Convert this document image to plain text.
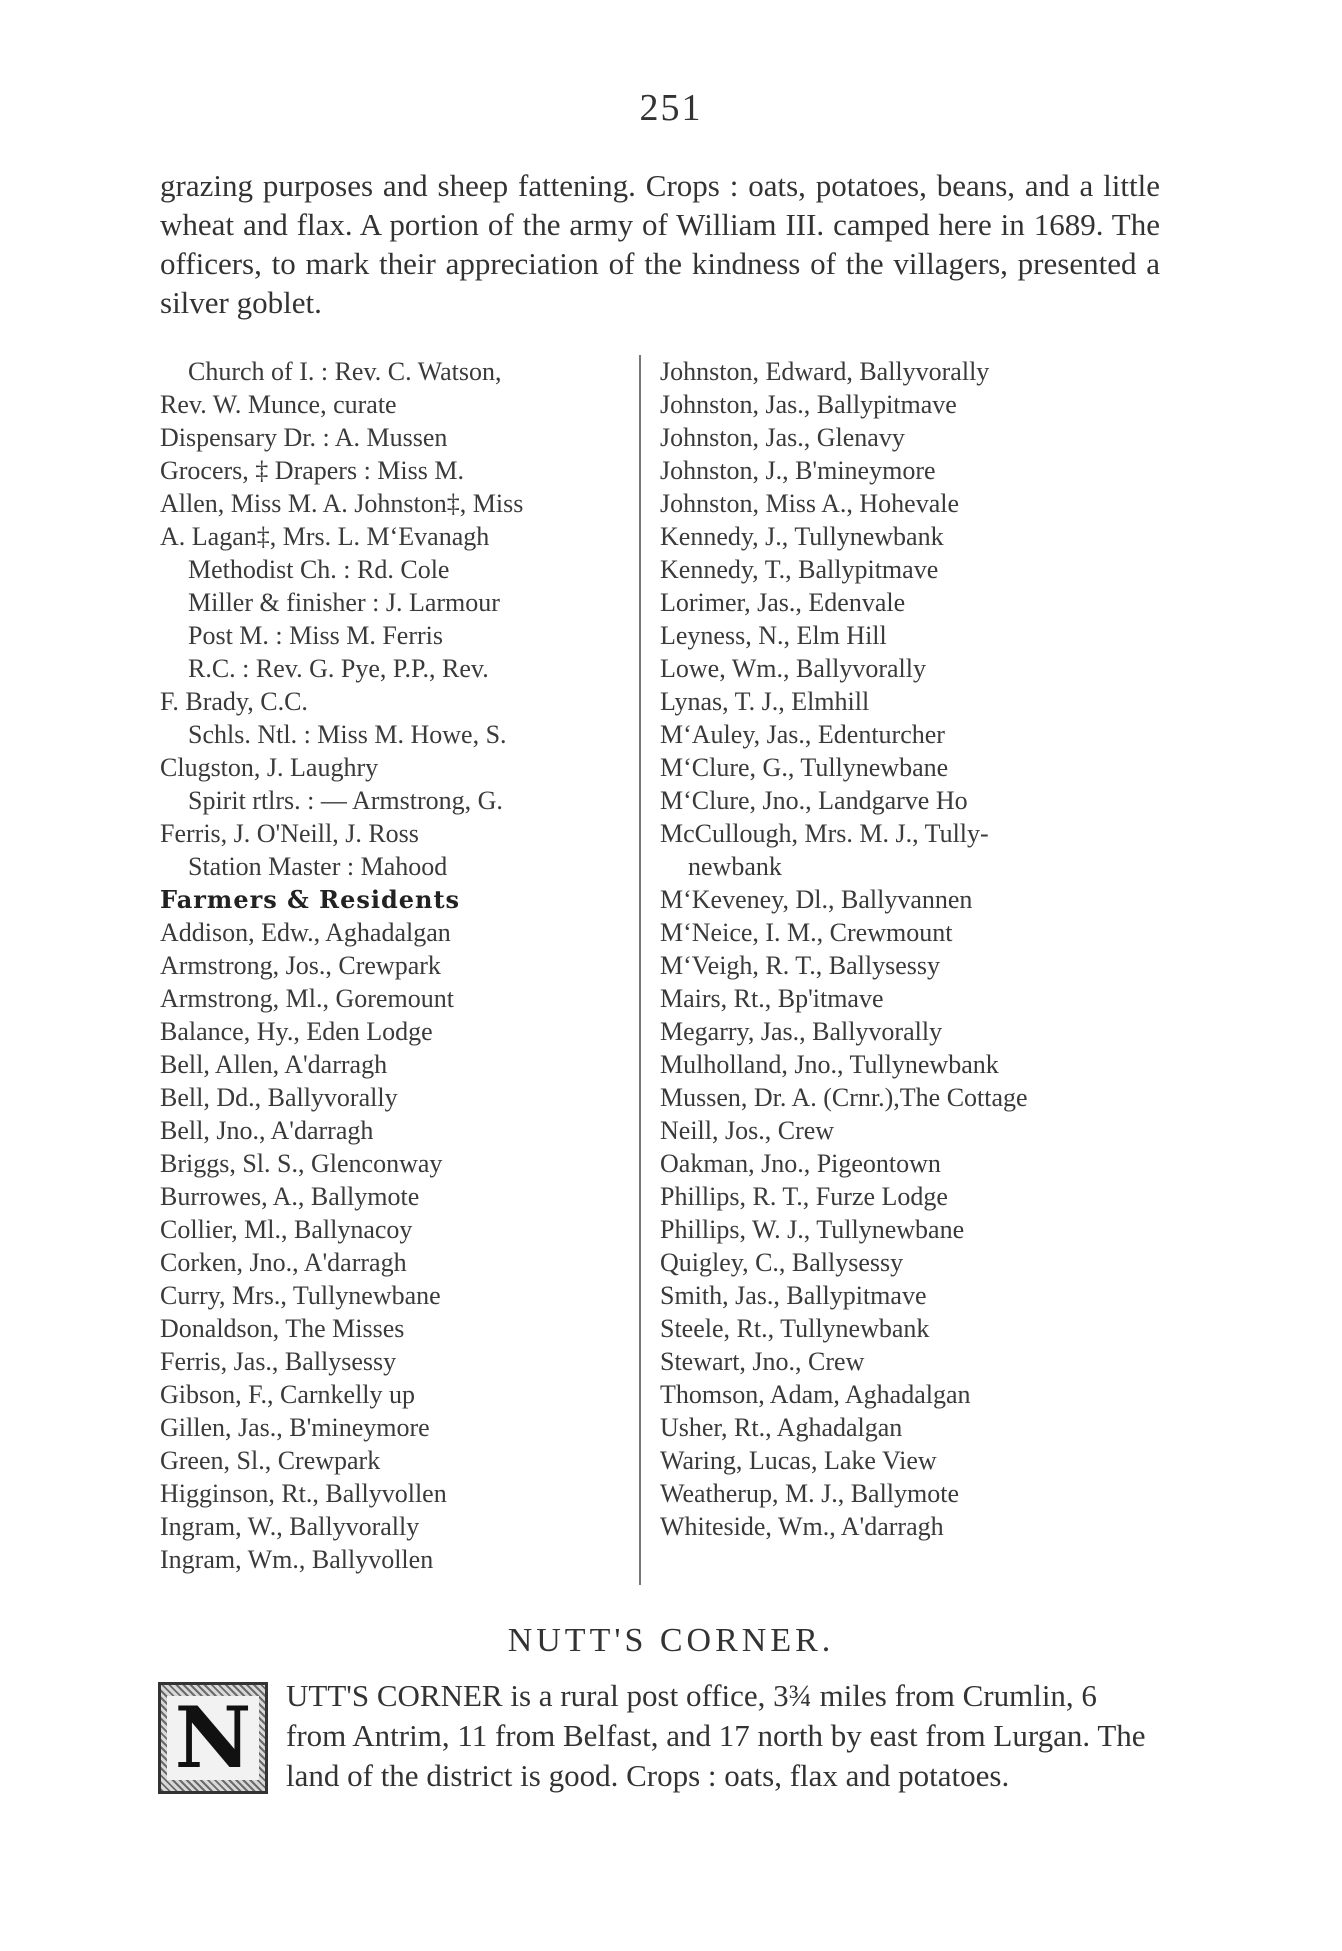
251

grazing purposes and sheep fattening. Crops : oats, potatoes, beans, and a little wheat and flax. A portion of the army of William III. camped here in 1689. The officers, to mark their appreciation of the kindness of the villagers, presented a silver goblet.

Church of I. : Rev. C. Watson,
Rev. W. Munce, curate
Dispensary Dr. : A. Mussen
Grocers, ‡ Drapers : Miss M.
Allen, Miss M. A. Johnston‡, Miss
A. Lagan‡, Mrs. L. M‘Evanagh
Methodist Ch. : Rd. Cole
Miller & finisher : J. Larmour
Post M. : Miss M. Ferris
R.C. : Rev. G. Pye, P.P., Rev.
F. Brady, C.C.
Schls. Ntl. : Miss M. Howe, S.
Clugston, J. Laughry
Spirit rtlrs. : — Armstrong, G.
Ferris, J. O'Neill, J. Ross
Station Master : Mahood
Farmers & Residents
Addison, Edw., Aghadalgan
Armstrong, Jos., Crewpark
Armstrong, Ml., Goremount
Balance, Hy., Eden Lodge
Bell, Allen, A'darragh
Bell, Dd., Ballyvorally
Bell, Jno., A'darragh
Briggs, Sl. S., Glenconway
Burrowes, A., Ballymote
Collier, Ml., Ballynacoy
Corken, Jno., A'darragh
Curry, Mrs., Tullynewbane
Donaldson, The Misses
Ferris, Jas., Ballysessy
Gibson, F., Carnkelly up
Gillen, Jas., B'mineymore
Green, Sl., Crewpark
Higginson, Rt., Ballyvollen
Ingram, W., Ballyvorally
Ingram, Wm., Ballyvollen
Johnston, Edward, Ballyvorally
Johnston, Jas., Ballypitmave
Johnston, Jas., Glenavy
Johnston, J., B'mineymore
Johnston, Miss A., Hohevale
Kennedy, J., Tullynewbank
Kennedy, T., Ballypitmave
Lorimer, Jas., Edenvale
Leyness, N., Elm Hill
Lowe, Wm., Ballyvorally
Lynas, T. J., Elmhill
M‘Auley, Jas., Edenturcher
M‘Clure, G., Tullynewbane
M‘Clure, Jno., Landgarve Ho
McCullough, Mrs. M. J., Tully-
newbank
M‘Keveney, Dl., Ballyvannen
M‘Neice, I. M., Crewmount
M‘Veigh, R. T., Ballysessy
Mairs, Rt., Bp'itmave
Megarry, Jas., Ballyvorally
Mulholland, Jno., Tullynewbank
Mussen, Dr. A. (Crnr.),The Cottage
Neill, Jos., Crew
Oakman, Jno., Pigeontown
Phillips, R. T., Furze Lodge
Phillips, W. J., Tullynewbane
Quigley, C., Ballysessy
Smith, Jas., Ballypitmave
Steele, Rt., Tullynewbank
Stewart, Jno., Crew
Thomson, Adam, Aghadalgan
Usher, Rt., Aghadalgan
Waring, Lucas, Lake View
Weatherup, M. J., Ballymote
Whiteside, Wm., A'darragh
NUTT'S CORNER.
N UTT'S CORNER is a rural post office, 3¾ miles from Crumlin, 6 from Antrim, 11 from Belfast, and 17 north by east from Lurgan. The land of the district is good. Crops : oats, flax and potatoes.
